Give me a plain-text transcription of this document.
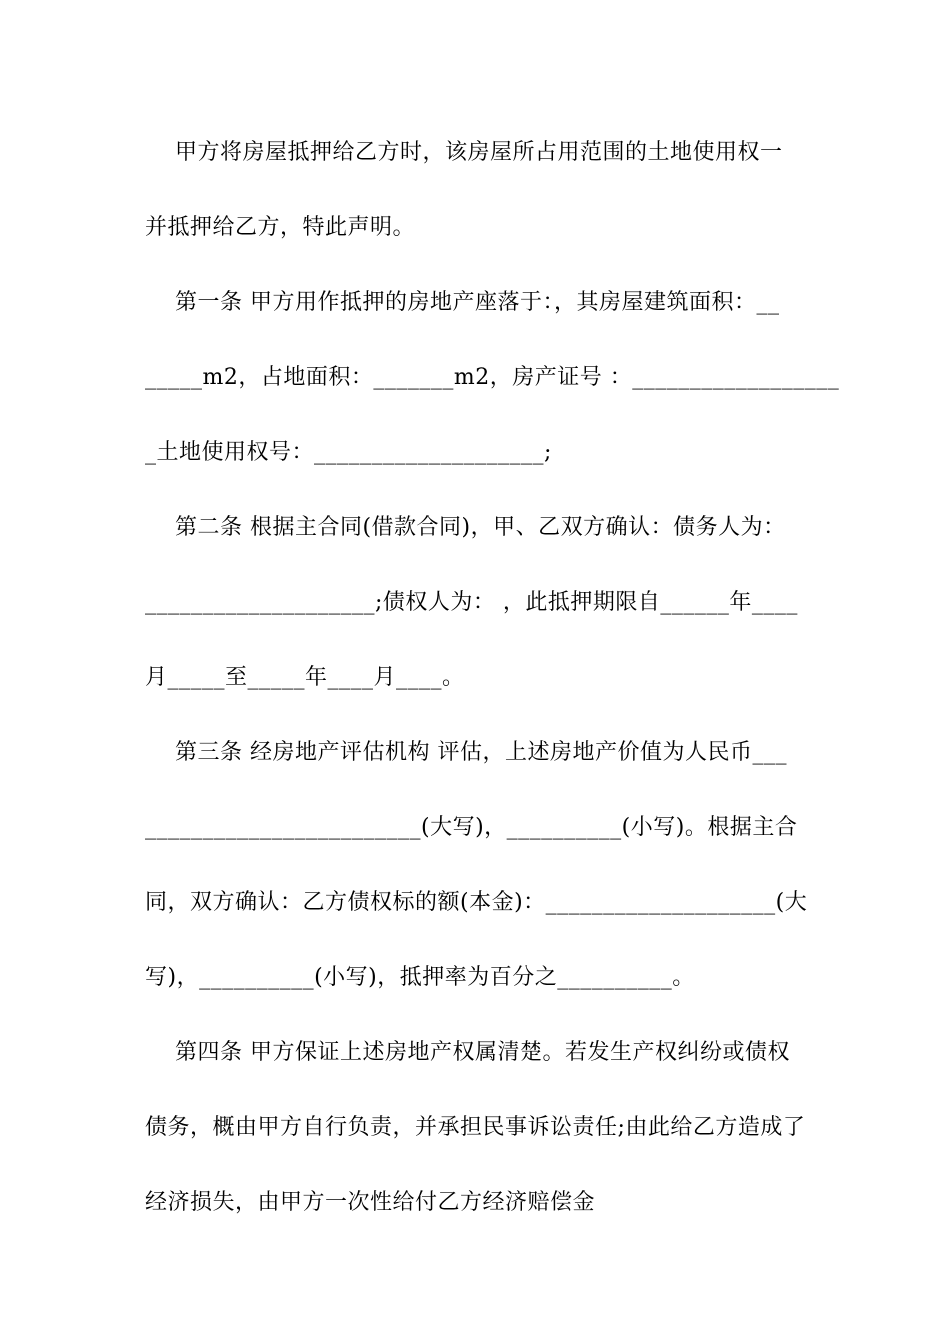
甲方将房屋抵押给乙方时，该房屋所占用范围的土地使用权一
并抵押给乙方，特此声明。
第一条 甲方用作抵押的房地产座落于：，其房屋建筑面积：__
_____m2，占地面积：_______m2，房产证号 ：__________________
_土地使用权号：____________________;
第二条 根据主合同(借款合同)，甲、乙双方确认：债务人为：
____________________;债权人为： ，此抵押期限自______年____
月_____至_____年____月____。
第三条 经房地产评估机构 评估，上述房地产价值为人民币___
________________________(大写)，__________(小写)。根据主合
同，双方确认：乙方债权标的额(本金)：____________________(大
写)，__________(小写)，抵押率为百分之__________。
第四条 甲方保证上述房地产权属清楚。若发生产权纠纷或债权
债务，概由甲方自行负责，并承担民事诉讼责任;由此给乙方造成了
经济损失，由甲方一次性给付乙方经济赔偿金
